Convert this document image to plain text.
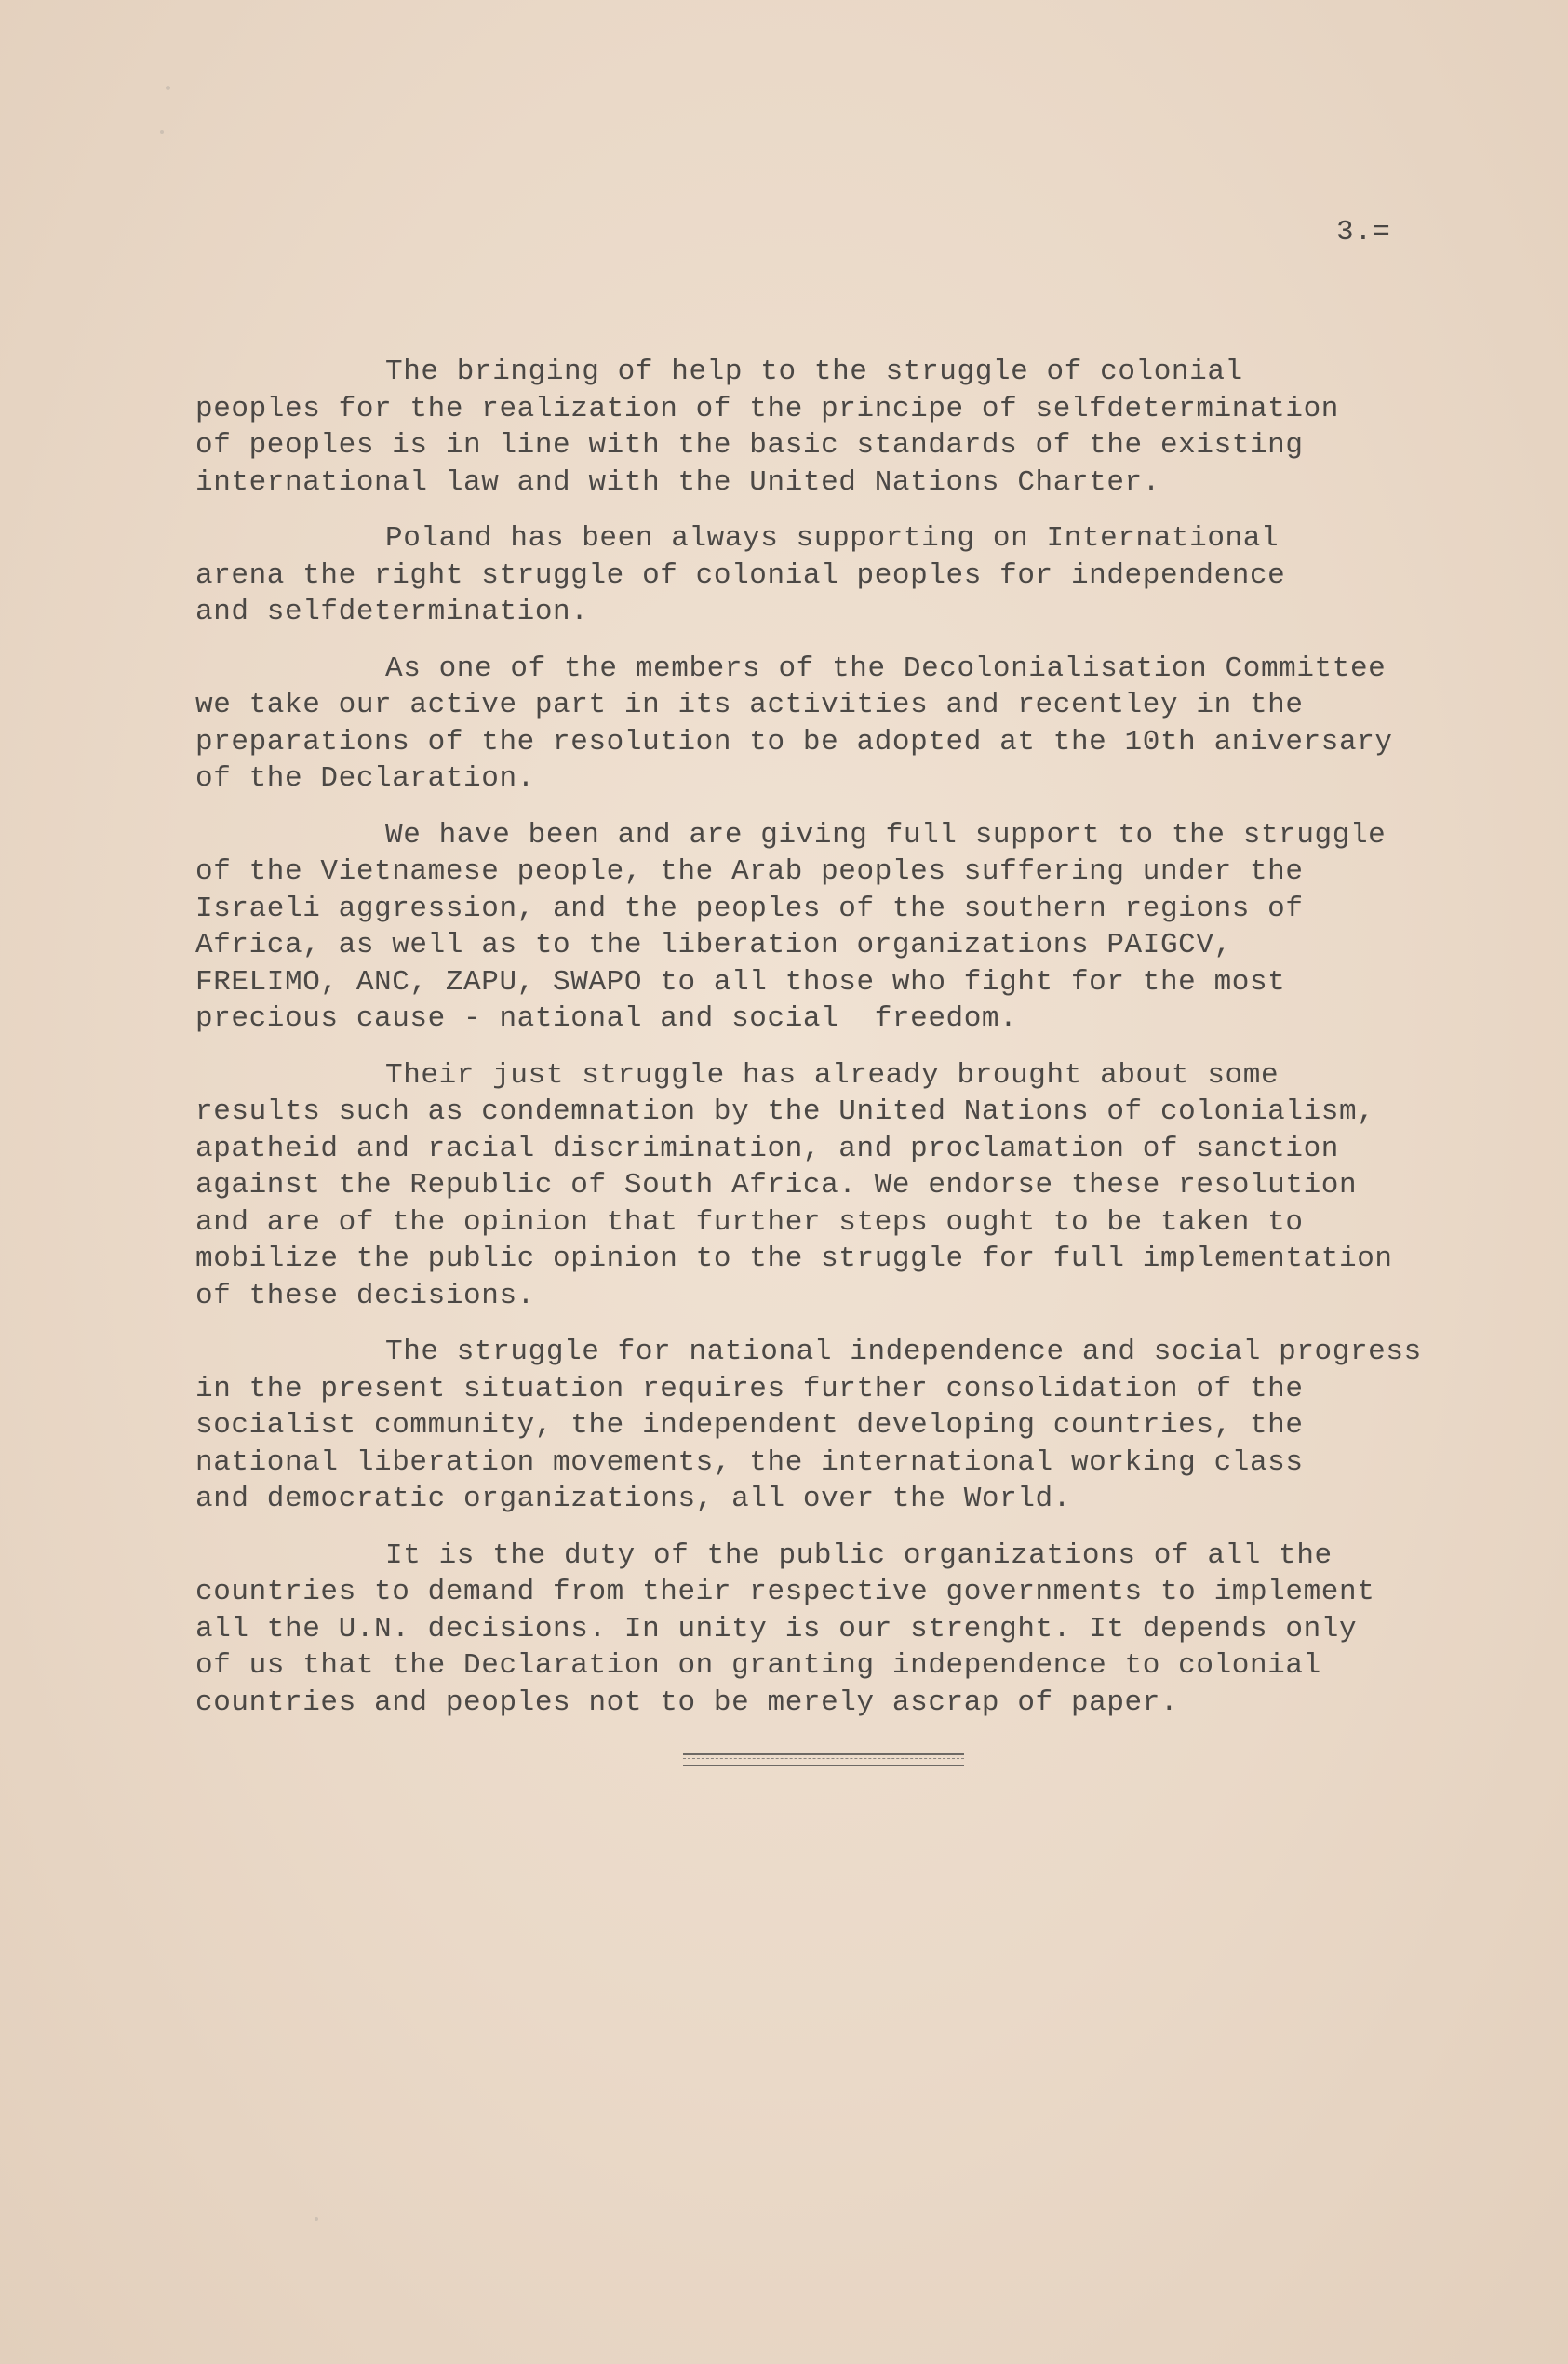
3.=

The bringing of help to the struggle of colonial
peoples for the realization of the principe of selfdetermination
of peoples is in line with the basic standards of the existing
international law and with the United Nations Charter.

Poland has been always supporting on International
arena the right struggle of colonial peoples for independence
and selfdetermination.

As one of the members of the Decolonialisation Committee
we take our active part in its activities and recentley in the
preparations of the resolution to be adopted at the 10th aniversary
of the Declaration.

We have been and are giving full support to the struggle
of the Vietnamese people, the Arab peoples suffering under the
Israeli aggression, and the peoples of the southern regions of
Africa, as well as to the liberation organizations PAIGCV,
FRELIMO, ANC, ZAPU, SWAPO to all those who fight for the most
precious cause - national and social  freedom.

Their just struggle has already brought about some
results such as condemnation by the United Nations of colonialism,
apatheid and racial discrimination, and proclamation of sanction
against the Republic of South Africa. We endorse these resolution
and are of the opinion that further steps ought to be taken to
mobilize the public opinion to the struggle for full implementation
of these decisions.

The struggle for national independence and social progress
in the present situation requires further consolidation of the
socialist community, the independent developing countries, the
national liberation movements, the international working class
and democratic organizations, all over the World.

It is the duty of the public organizations of all the
countries to demand from their respective governments to implement
all the U.N. decisions. In unity is our strenght. It depends only
of us that the Declaration on granting independence to colonial
countries and peoples not to be merely ascrap of paper.
